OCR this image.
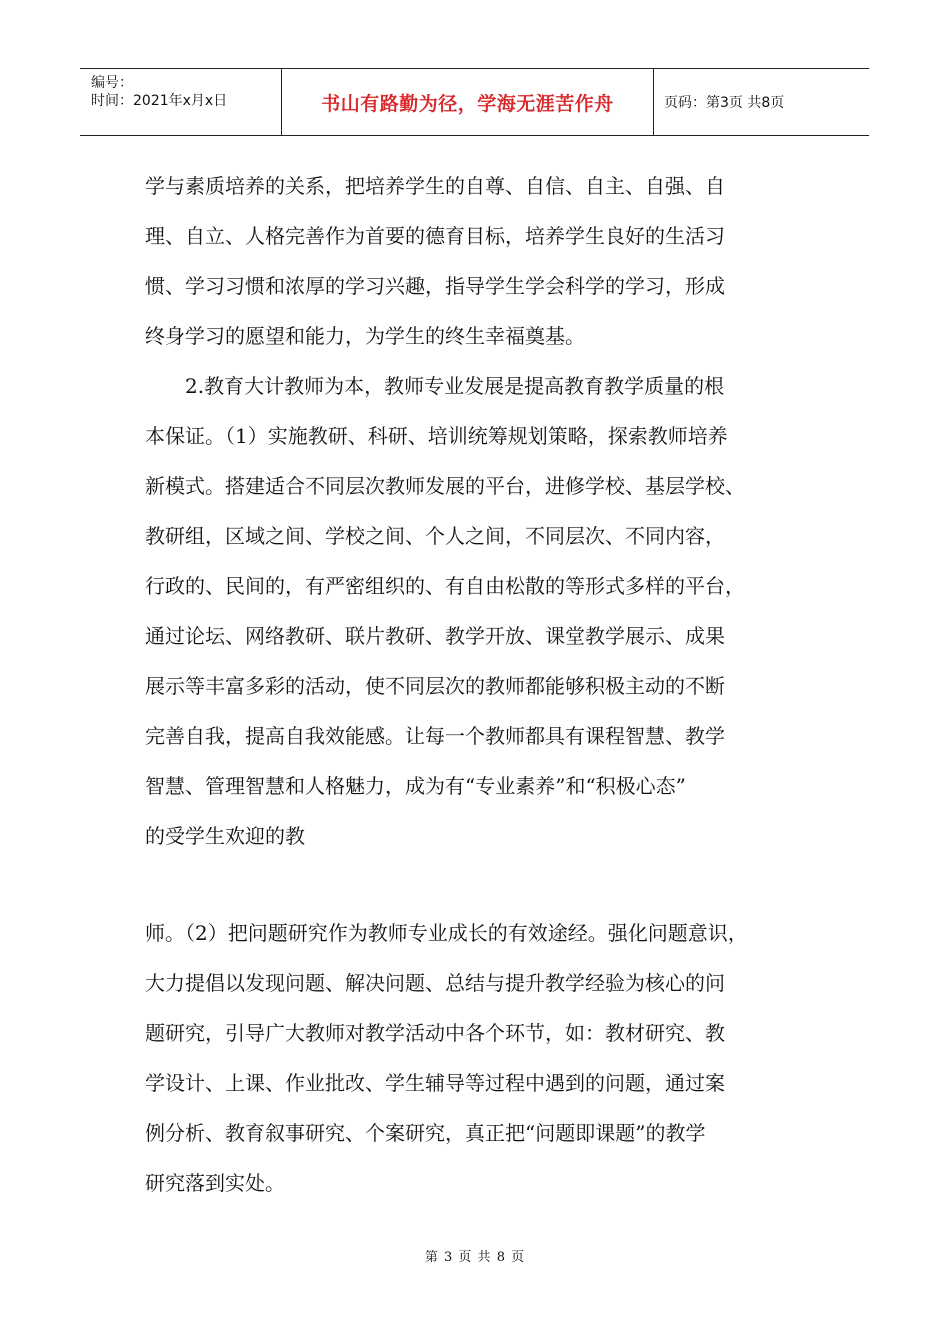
编号：
时间：2021年x月x日	书山有路勤为径，学海无涯苦作舟	页码：第3页 共8页
学与素质培养的关系，把培养学生的自尊、自信、自主、自强、自
理、自立、人格完善作为首要的德育目标，培养学生良好的生活习
惯、学习习惯和浓厚的学习兴趣，指导学生学会科学的学习，形成
终身学习的愿望和能力，为学生的终生幸福奠基。
　　2.教育大计教师为本，教师专业发展是提高教育教学质量的根
本保证。（1）实施教研、科研、培训统筹规划策略，探索教师培养
新模式。搭建适合不同层次教师发展的平台，进修学校、基层学校、
教研组，区域之间、学校之间、个人之间，不同层次、不同内容，
行政的、民间的，有严密组织的、有自由松散的等形式多样的平台，
通过论坛、网络教研、联片教研、教学开放、课堂教学展示、成果
展示等丰富多彩的活动，使不同层次的教师都能够积极主动的不断
完善自我，提高自我效能感。让每一个教师都具有课程智慧、教学
智慧、管理智慧和人格魅力，成为有“专业素养”和“积极心态”
的受学生欢迎的教
师。（2）把问题研究作为教师专业成长的有效途经。强化问题意识，
大力提倡以发现问题、解决问题、总结与提升教学经验为核心的问
题研究，引导广大教师对教学活动中各个环节，如：教材研究、教
学设计、上课、作业批改、学生辅导等过程中遇到的问题，通过案
例分析、教育叙事研究、个案研究，真正把“问题即课题”的教学
研究落到实处。
第 3 页 共 8 页
